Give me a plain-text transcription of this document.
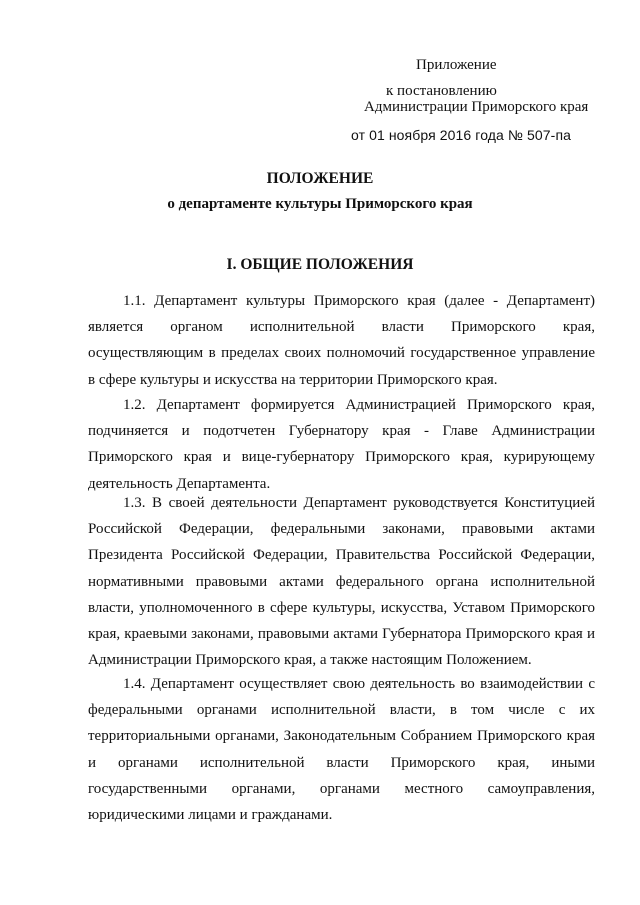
Приложение
к постановлению
Администрации Приморского края
от 01 ноября 2016 года № 507-па
ПОЛОЖЕНИЕ
о департаменте культуры Приморского края
I. ОБЩИЕ ПОЛОЖЕНИЯ

1.1. Департамент культуры Приморского края (далее - Департамент) является органом исполнительной власти Приморского края, осуществляющим в пределах своих полномочий государственное управление в сфере культуры и искусства на территории Приморского края.

1.2. Департамент формируется Администрацией Приморского края, подчиняется и подотчетен Губернатору края - Главе Администрации Приморского края и вице-губернатору Приморского края, курирующему деятельность Департамента.

1.3. В своей деятельности Департамент руководствуется Конституцией Российской Федерации, федеральными законами, правовыми актами Президента Российской Федерации, Правительства Российской Федерации, нормативными правовыми актами федерального органа исполнительной власти, уполномоченного в сфере культуры, искусства, Уставом Приморского края, краевыми законами, правовыми актами Губернатора Приморского края и Администрации Приморского края, а также настоящим Положением.

1.4. Департамент осуществляет свою деятельность во взаимодействии с федеральными органами исполнительной власти, в том числе с их территориальными органами, Законодательным Собранием Приморского края и органами исполнительной власти Приморского края, иными государственными органами, органами местного самоуправления, юридическими лицами и гражданами.
